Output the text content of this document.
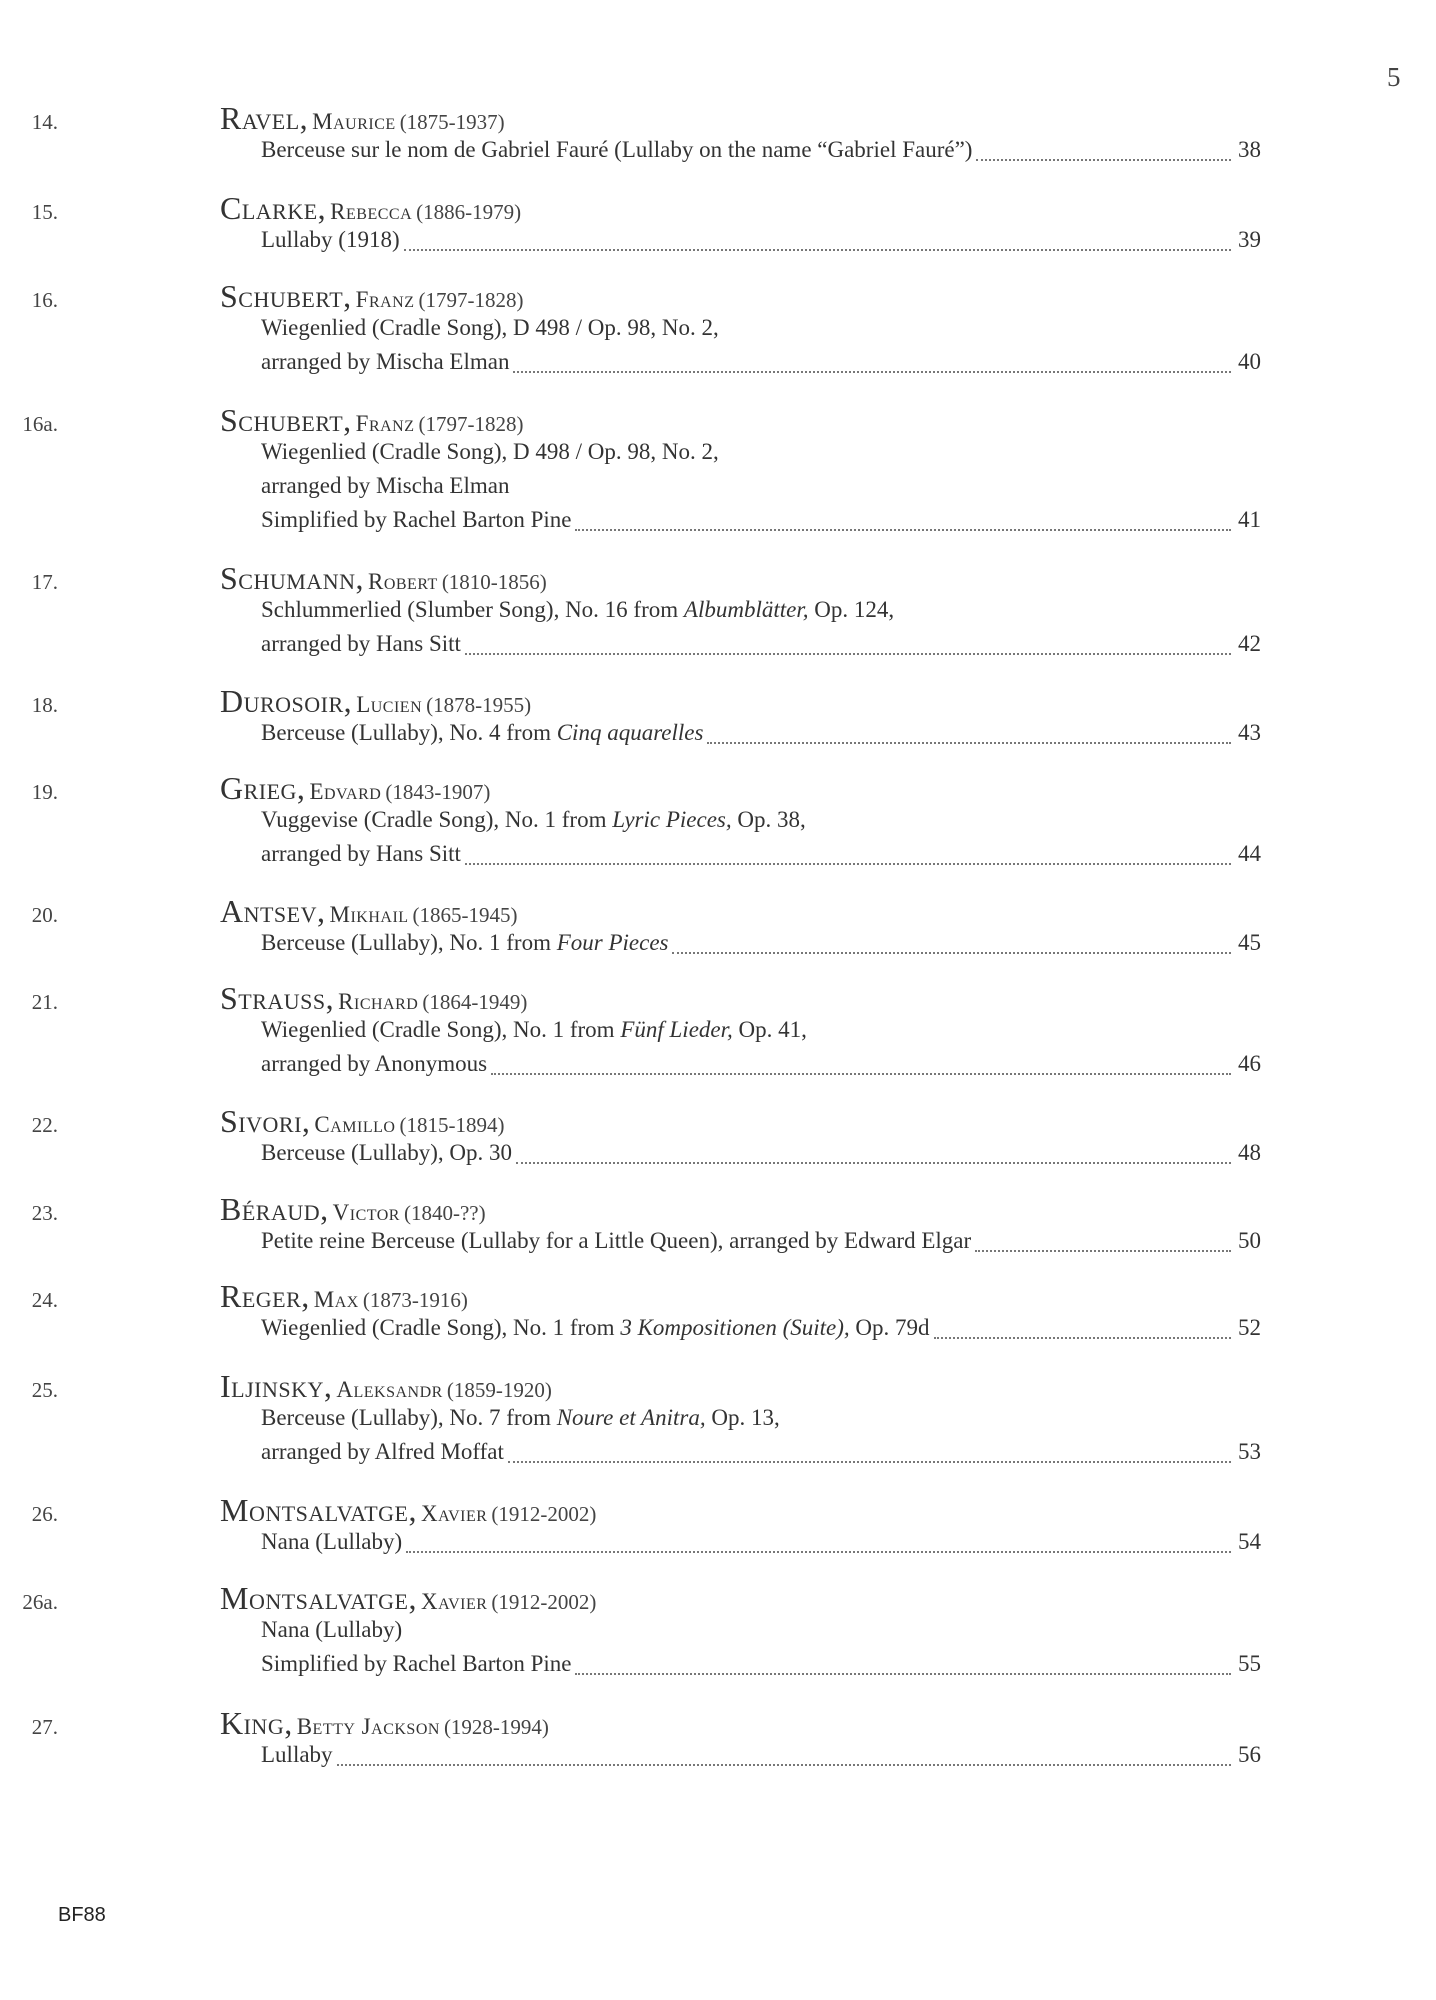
5
14.	Ravel, Maurice (1875-1937)
Berceuse sur le nom de Gabriel Fauré (Lullaby on the name “Gabriel Fauré”)	38
15.	Clarke, Rebecca (1886-1979)
Lullaby (1918)	39
16.	Schubert, Franz (1797-1828)
Wiegenlied (Cradle Song), D 498 / Op. 98, No. 2,
arranged by Mischa Elman	40
16a.	Schubert, Franz (1797-1828)
Wiegenlied (Cradle Song), D 498 / Op. 98, No. 2,
arranged by Mischa Elman
Simplified by Rachel Barton Pine	41
17.	Schumann, Robert (1810-1856)
Schlummerlied (Slumber Song), No. 16 from Albumblätter, Op. 124,
arranged by Hans Sitt	42
18.	Durosoir, Lucien (1878-1955)
Berceuse (Lullaby), No. 4 from Cinq aquarelles	43
19.	Grieg, Edvard (1843-1907)
Vuggevise (Cradle Song), No. 1 from Lyric Pieces, Op. 38,
arranged by Hans Sitt	44
20.	Antsev, Mikhail (1865-1945)
Berceuse (Lullaby), No. 1 from Four Pieces	45
21.	Strauss, Richard (1864-1949)
Wiegenlied (Cradle Song), No. 1 from Fünf Lieder, Op. 41,
arranged by Anonymous	46
22.	Sivori, Camillo (1815-1894)
Berceuse (Lullaby), Op. 30	48
23.	Béraud, Victor (1840-??)
Petite reine Berceuse (Lullaby for a Little Queen), arranged by Edward Elgar	50
24.	Reger, Max (1873-1916)
Wiegenlied (Cradle Song), No. 1 from 3 Kompositionen (Suite), Op. 79d	52
25.	Iljinsky, Aleksandr (1859-1920)
Berceuse (Lullaby), No. 7 from Noure et Anitra, Op. 13,
arranged by Alfred Moffat	53
26.	Montsalvatge, Xavier (1912-2002)
Nana (Lullaby)	54
26a.	Montsalvatge, Xavier (1912-2002)
Nana (Lullaby)
Simplified by Rachel Barton Pine	55
27.	King, Betty Jackson (1928-1994)
Lullaby	56
BF88
